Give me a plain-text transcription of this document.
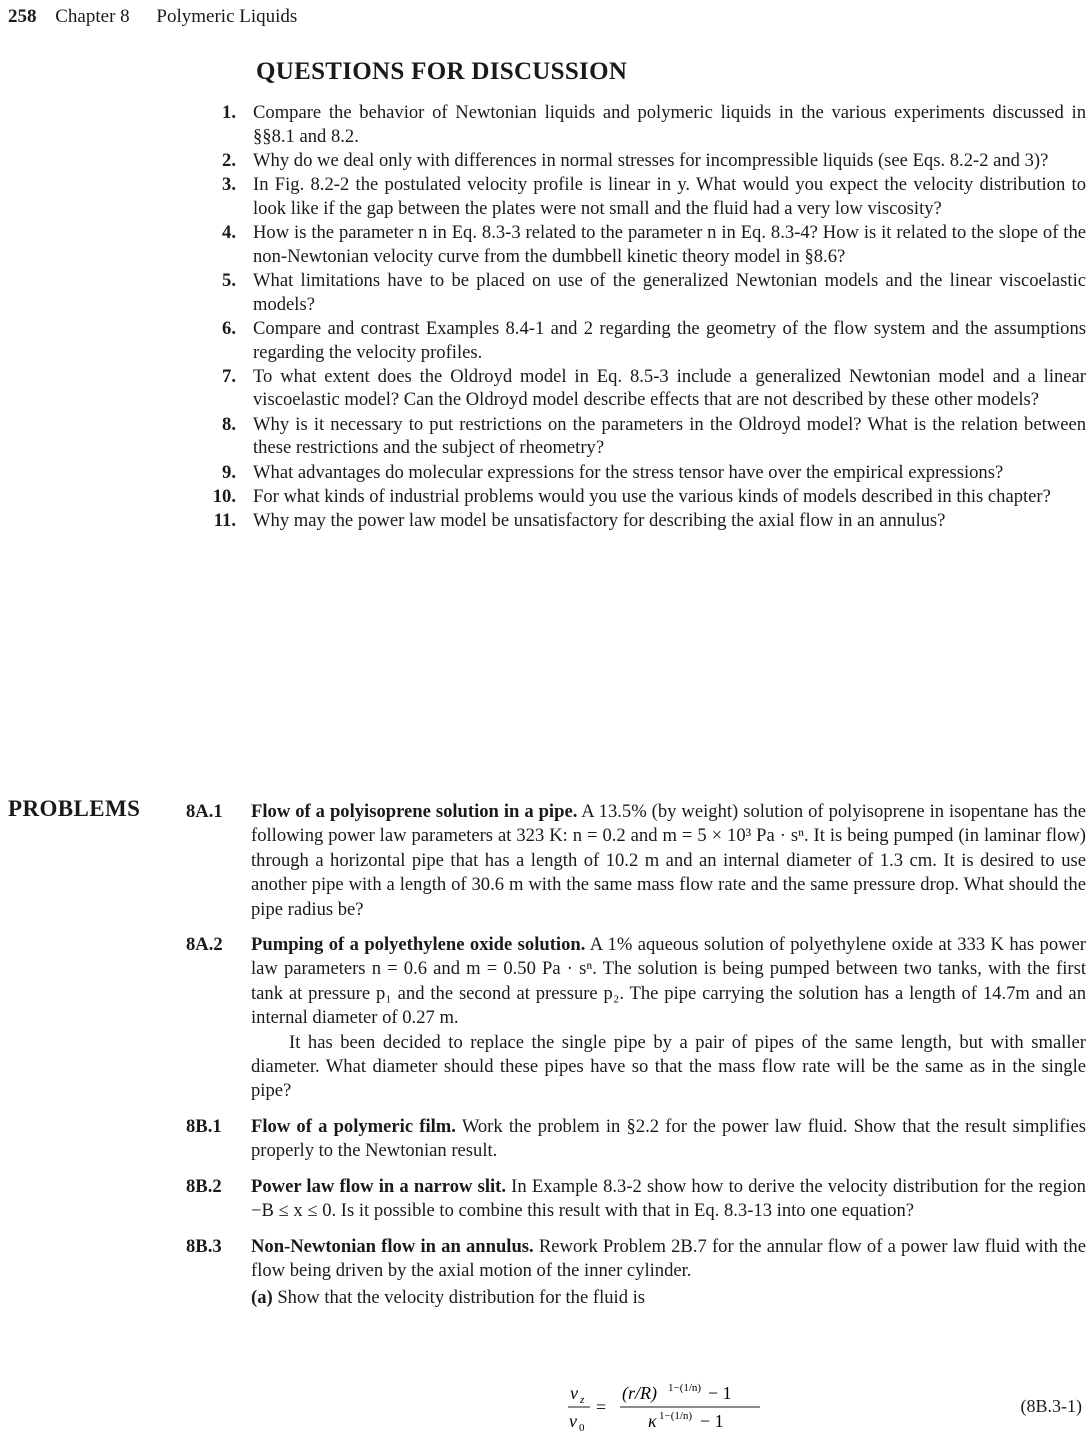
258 Chapter 8 Polymeric Liquids
QUESTIONS FOR DISCUSSION
1. Compare the behavior of Newtonian liquids and polymeric liquids in the various experiments discussed in §§8.1 and 8.2.
2. Why do we deal only with differences in normal stresses for incompressible liquids (see Eqs. 8.2-2 and 3)?
3. In Fig. 8.2-2 the postulated velocity profile is linear in y. What would you expect the velocity distribution to look like if the gap between the plates were not small and the fluid had a very low viscosity?
4. How is the parameter n in Eq. 8.3-3 related to the parameter n in Eq. 8.3-4? How is it related to the slope of the non-Newtonian velocity curve from the dumbbell kinetic theory model in §8.6?
5. What limitations have to be placed on use of the generalized Newtonian models and the linear viscoelastic models?
6. Compare and contrast Examples 8.4-1 and 2 regarding the geometry of the flow system and the assumptions regarding the velocity profiles.
7. To what extent does the Oldroyd model in Eq. 8.5-3 include a generalized Newtonian model and a linear viscoelastic model? Can the Oldroyd model describe effects that are not described by these other models?
8. Why is it necessary to put restrictions on the parameters in the Oldroyd model? What is the relation between these restrictions and the subject of rheometry?
9. What advantages do molecular expressions for the stress tensor have over the empirical expressions?
10. For what kinds of industrial problems would you use the various kinds of models described in this chapter?
11. Why may the power law model be unsatisfactory for describing the axial flow in an annulus?
PROBLEMS 8A.1 Flow of a polyisoprene solution in a pipe. A 13.5% (by weight) solution of polyisoprene in isopentane has the following power law parameters at 323 K: n = 0.2 and m = 5 × 10³ Pa · sⁿ. It is being pumped (in laminar flow) through a horizontal pipe that has a length of 10.2 m and an internal diameter of 1.3 cm. It is desired to use another pipe with a length of 30.6 m with the same mass flow rate and the same pressure drop. What should the pipe radius be?
8A.2 Pumping of a polyethylene oxide solution. A 1% aqueous solution of polyethylene oxide at 333 K has power law parameters n = 0.6 and m = 0.50 Pa · sⁿ. The solution is being pumped between two tanks, with the first tank at pressure p₁ and the second at pressure p₂. The pipe carrying the solution has a length of 14.7m and an internal diameter of 0.27 m.
It has been decided to replace the single pipe by a pair of pipes of the same length, but with smaller diameter. What diameter should these pipes have so that the mass flow rate will be the same as in the single pipe?
8B.1 Flow of a polymeric film. Work the problem in §2.2 for the power law fluid. Show that the result simplifies properly to the Newtonian result.
8B.2 Power law flow in a narrow slit. In Example 8.3-2 show how to derive the velocity distribution for the region −B ≤ x ≤ 0. Is it possible to combine this result with that in Eq. 8.3-13 into one equation?
8B.3 Non-Newtonian flow in an annulus. Rework Problem 2B.7 for the annular flow of a power law fluid with the flow being driven by the axial motion of the inner cylinder.
(a) Show that the velocity distribution for the fluid is
v z
v 0
=
(r/R) 1−(1/n) − 1
κ 1−(1/n) − 1
(8B.3-1)
